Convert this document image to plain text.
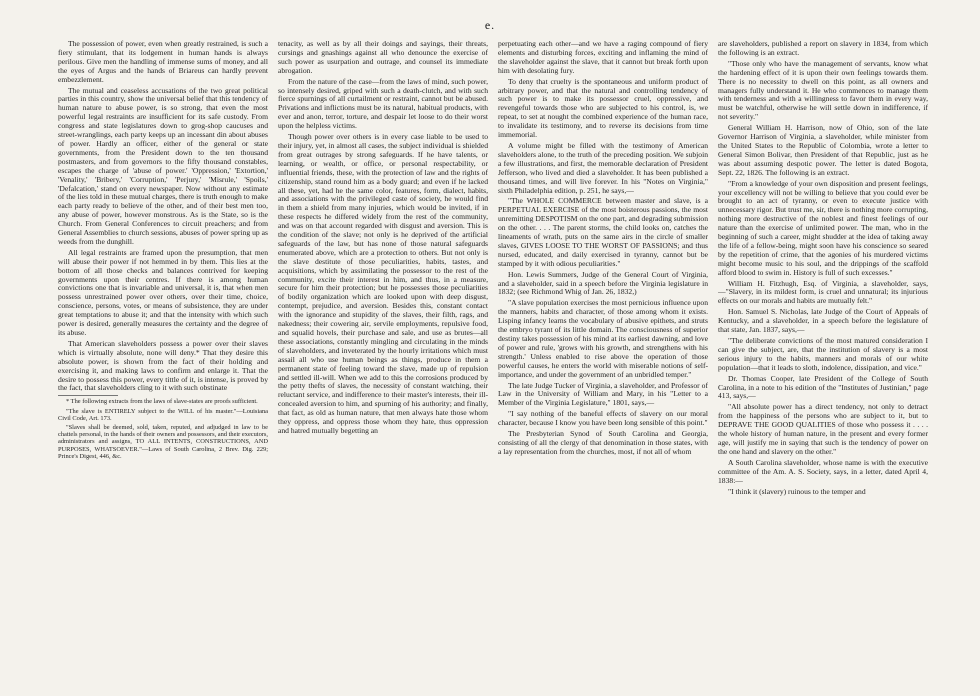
e.

The possession of power, even when greatly restrained, is such a fiery stimulant, that its lodgement in human hands is always perilous. Give men the handling of immense sums of money, and all the eyes of Argus and the hands of Briareus can hardly prevent embezzlement.

The mutual and ceaseless accusations of the two great political parties in this country, show the universal belief that this tendency of human nature to abuse power, is so strong, that even the most powerful legal restraints are insufficient for its safe custody. From congress and state legislatures down to grog-shop caucuses and street-wranglings, each party keeps up an incessant din about abuses of power. Hardly an officer, either of the general or state governments, from the President down to the ten thousand postmasters, and from governors to the fifty thousand constables, escapes the charge of 'abuse of power.' 'Oppression,' 'Extortion,' 'Venality,' 'Bribery,' 'Corruption,' 'Perjury,' 'Misrule,' 'Spoils,' 'Defalcation,' stand on every newspaper. Now without any estimate of the lies told in these mutual charges, there is truth enough to make each party ready to believe of the other, and of their best men too, any abuse of power, however monstrous. As is the State, so is the Church. From General Conferences to circuit preachers; and from General Assemblies to church sessions, abuses of power spring up as weeds from the dunghill.

All legal restraints are framed upon the presumption, that men will abuse their power if not hemmed in by them. This lies at the bottom of all those checks and balances contrived for keeping governments upon their centres. If there is among human convictions one that is invariable and universal, it is, that when men possess unrestrained power over others, over their time, choice, conscience, persons, votes, or means of subsistence, they are under great temptations to abuse it; and that the intensity with which such power is desired, generally measures the certainty and the degree of its abuse.

That American slaveholders possess a power over their slaves which is virtually absolute, none will deny.* That they desire this absolute power, is shown from the fact of their holding and exercising it, and making laws to confirm and enlarge it. That the desire to possess this power, every tittle of it, is intense, is proved by the fact, that slaveholders cling to it with such obstinate

* The following extracts from the laws of slave-states are proofs sufficient.

"The slave is ENTIRELY subject to the WILL of his master."—Louisiana Civil Code, Art. 173.

"Slaves shall be deemed, sold, taken, reputed, and adjudged in law to be chattels personal, in the hands of their owners and possessors, and their executors, administrators and assigns, TO ALL INTENTS, CONSTRUCTIONS, AND PURPOSES, WHATSOEVER."—Laws of South Carolina, 2 Brev. Dig. 229; Prince's Digest, 446, &c.

tenacity, as well as by all their doings and sayings, their threats, cursings and gnashings against all who denounce the exercise of such power as usurpation and outrage, and counsel its immediate abrogation.

From the nature of the case—from the laws of mind, such power, so intensely desired, griped with such a death-clutch, and with such fierce spurnings of all curtailment or restraint, cannot but be abused. Privations and inflictions must be its natural, habitual products, with ever and anon, terror, torture, and despair let loose to do their worst upon the helpless victims.

Though power over others is in every case liable to be used to their injury, yet, in almost all cases, the subject individual is shielded from great outrages by strong safeguards. If he have talents, or learning, or wealth, or office, or personal respectability, or influential friends, these, with the protection of law and the rights of citizenship, stand round him as a body guard; and even if he lacked all these, yet, had he the same color, features, form, dialect, habits, and associations with the privileged caste of society, he would find in them a shield from many injuries, which would be invited, if in these respects he differed widely from the rest of the community, and was on that account regarded with disgust and aversion. This is the condition of the slave; not only is he deprived of the artificial safeguards of the law, but has none of those natural safeguards enumerated above, which are a protection to others. But not only is the slave destitute of those peculiarities, habits, tastes, and acquisitions, which by assimilating the possessor to the rest of the community, excite their interest in him, and thus, in a measure, secure for him their protection; but he possesses those peculiarities of bodily organization which are looked upon with deep disgust, contempt, prejudice, and aversion. Besides this, constant contact with the ignorance and stupidity of the slaves, their filth, rags, and nakedness; their cowering air, servile employments, repulsive food, and squalid hovels, their purchase and sale, and use as brutes—all these associations, constantly mingling and circulating in the minds of slaveholders, and inveterated by the hourly irritations which must assail all who use human beings as things, produce in them a permanent state of feeling toward the slave, made up of repulsion and settled ill-will. When we add to this the corrosions produced by the petty thefts of slaves, the necessity of constant watching, their reluctant service, and indifference to their master's interests, their ill-concealed aversion to him, and spurning of his authority; and finally, that fact, as old as human nature, that men always hate those whom they oppress, and oppress those whom they hate, thus oppression and hatred mutually begetting an

perpetuating each other—and we have a raging compound of fiery elements and disturbing forces, exciting and inflaming the mind of the slaveholder against the slave, that it cannot but break forth upon him with desolating fury.

To deny that cruelty is the spontaneous and uniform product of arbitrary power, and that the natural and controlling tendency of such power is to make its possessor cruel, oppressive, and revengeful towards those who are subjected to his control, is, we repeat, to set at nought the combined experience of the human race, to invalidate its testimony, and to reverse its decisions from time immemorial.

A volume might be filled with the testimony of American slaveholders alone, to the truth of the preceding position. We subjoin a few illustrations, and first, the memorable declaration of President Jefferson, who lived and died a slaveholder. It has been published a thousand times, and will live forever. In his "Notes on Virginia," sixth Philadelphia edition, p. 251, he says,—

"The WHOLE COMMERCE between master and slave, is a PERPETUAL EXERCISE of the most boisterous passions, the most unremitting DESPOTISM on the one part, and degrading submission on the other. . . . The parent storms, the child looks on, catches the lineaments of wrath, puts on the same airs in the circle of smaller slaves, GIVES LOOSE TO THE WORST OF PASSIONS; and thus nursed, educated, and daily exercised in tyranny, cannot but be stamped by it with odious peculiarities."

Hon. Lewis Summers, Judge of the General Court of Virginia, and a slaveholder, said in a speech before the Virginia legislature in 1832; (see Richmond Whig of Jan. 26, 1832,)

"A slave population exercises the most pernicious influence upon the manners, habits and character, of those among whom it exists. Lisping infancy learns the vocabulary of abusive epithets, and struts the embryo tyrant of its little domain. The consciousness of superior destiny takes possession of his mind at its earliest dawning, and love of power and rule, 'grows with his growth, and strengthens with his strength.' Unless enabled to rise above the operation of those powerful causes, he enters the world with miserable notions of self-importance, and under the government of an unbridled temper."

The late Judge Tucker of Virginia, a slaveholder, and Professor of Law in the University of William and Mary, in his "Letter to a Member of the Virginia Legislature," 1801, says,—

"I say nothing of the baneful effects of slavery on our moral character, because I know you have been long sensible of this point."

The Presbyterian Synod of South Carolina and Georgia, consisting of all the clergy of that denomination in those states, with a lay representation from the churches, most, if not all of whom

are slaveholders, published a report on slavery in 1834, from which the following is an extract.

"Those only who have the management of servants, know what the hardening effect of it is upon their own feelings towards them. There is no necessity to dwell on this point, as all owners and managers fully understand it. He who commences to manage them with tenderness and with a willingness to favor them in every way, must be watchful, otherwise he will settle down in indifference, if not severity."

General William H. Harrison, now of Ohio, son of the late Governor Harrison of Virginia, a slaveholder, while minister from the United States to the Republic of Colombia, wrote a letter to General Simon Bolivar, then President of that Republic, just as he was about assuming despotic power. The letter is dated Bogota, Sept. 22, 1826. The following is an extract.

"From a knowledge of your own disposition and present feelings, your excellency will not be willing to believe that you could ever be brought to an act of tyranny, or even to execute justice with unnecessary rigor. But trust me, sir, there is nothing more corrupting, nothing more destructive of the noblest and finest feelings of our nature than the exercise of unlimited power. The man, who in the beginning of such a career, might shudder at the idea of taking away the life of a fellow-being, might soon have his conscience so seared by the repetition of crime, that the agonies of his murdered victims might become music to his soul, and the drippings of the scaffold afford blood to swim in. History is full of such excesses."

William H. Fitzhugh, Esq. of Virginia, a slaveholder, says,—"Slavery, in its mildest form, is cruel and unnatural; its injurious effects on our morals and habits are mutually felt."

Hon. Samuel S. Nicholas, late Judge of the Court of Appeals of Kentucky, and a slaveholder, in a speech before the legislature of that state, Jan. 1837, says,—

"The deliberate convictions of the most matured consideration I can give the subject, are, that the institution of slavery is a most serious injury to the habits, manners and morals of our white population—that it leads to sloth, indolence, dissipation, and vice."

Dr. Thomas Cooper, late President of the College of South Carolina, in a note to his edition of the "Institutes of Justinian," page 413, says,—

"All absolute power has a direct tendency, not only to detract from the happiness of the persons who are subject to it, but to DEPRAVE THE GOOD QUALITIES of those who possess it . . . . the whole history of human nature, in the present and every former age, will justify me in saying that such is the tendency of power on the one hand and slavery on the other."

A South Carolina slaveholder, whose name is with the executive committee of the Am. A. S. Society, says, in a letter, dated April 4, 1838:—

"I think it (slavery) ruinous to the temper and
